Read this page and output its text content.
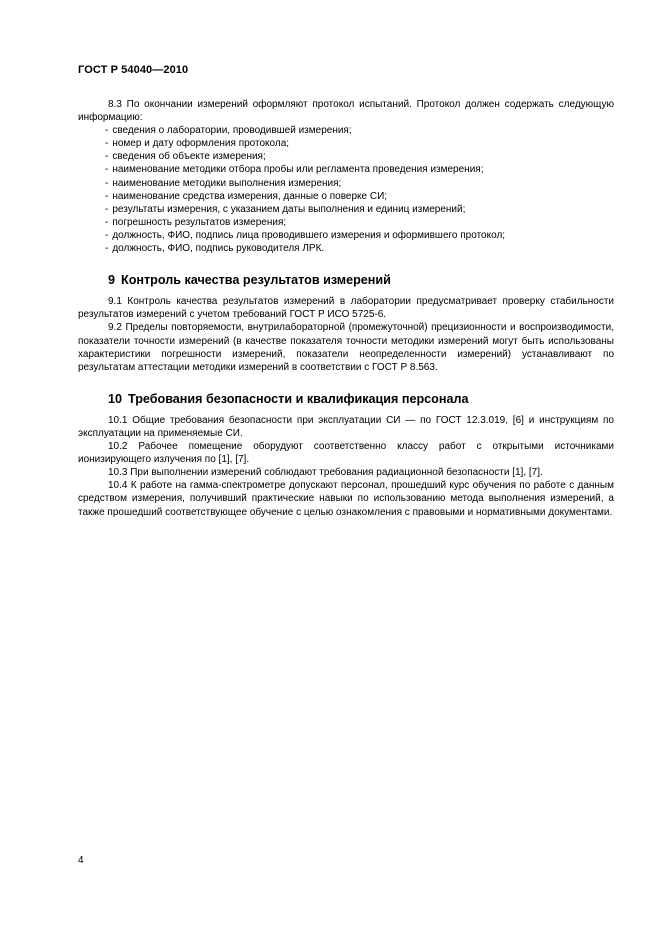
ГОСТ Р 54040—2010

8.3 По окончании измерений оформляют протокол испытаний. Протокол должен содержать следующую информацию:

- сведения о лаборатории, проводившей измерения;
- номер и дату оформления протокола;
- сведения об объекте измерения;
- наименование методики отбора пробы или регламента проведения измерения;
- наименование методики выполнения измерения;
- наименование средства измерения, данные о поверке СИ;
- результаты измерения, с указанием даты выполнения и единиц измерений;
- погрешность результатов измерения;
- должность, ФИО, подпись лица проводившего измерения и оформившего протокол;
- должность, ФИО, подпись руководителя ЛРК.
9 Контроль качества результатов измерений

9.1 Контроль качества результатов измерений в лаборатории предусматривает проверку стабильности результатов измерений с учетом требований ГОСТ Р ИСО 5725-6.

9.2 Пределы повторяемости, внутрилабораторной (промежуточной) прецизионности и воспроизводимости, показатели точности измерений (в качестве показателя точности методики измерений могут быть использованы характеристики погрешности измерений, показатели неопределенности измерений) устанавливают по результатам аттестации методики измерений в соответствии с ГОСТ Р 8.563.

10 Требования безопасности и квалификация персонала

10.1 Общие требования безопасности при эксплуатации СИ — по ГОСТ 12.3.019, [6] и инструкциям по эксплуатации на применяемые СИ.

10.2 Рабочее помещение оборудуют соответственно классу работ с открытыми источниками ионизирующего излучения по [1], [7].

10.3 При выполнении измерений соблюдают требования радиационной безопасности [1], [7].

10.4 К работе на гамма-спектрометре допускают персонал, прошедший курс обучения по работе с данным средством измерения, получивший практические навыки по использованию метода выполнения измерений, а также прошедший соответствующее обучение с целью ознакомления с правовыми и нормативными документами.

4
